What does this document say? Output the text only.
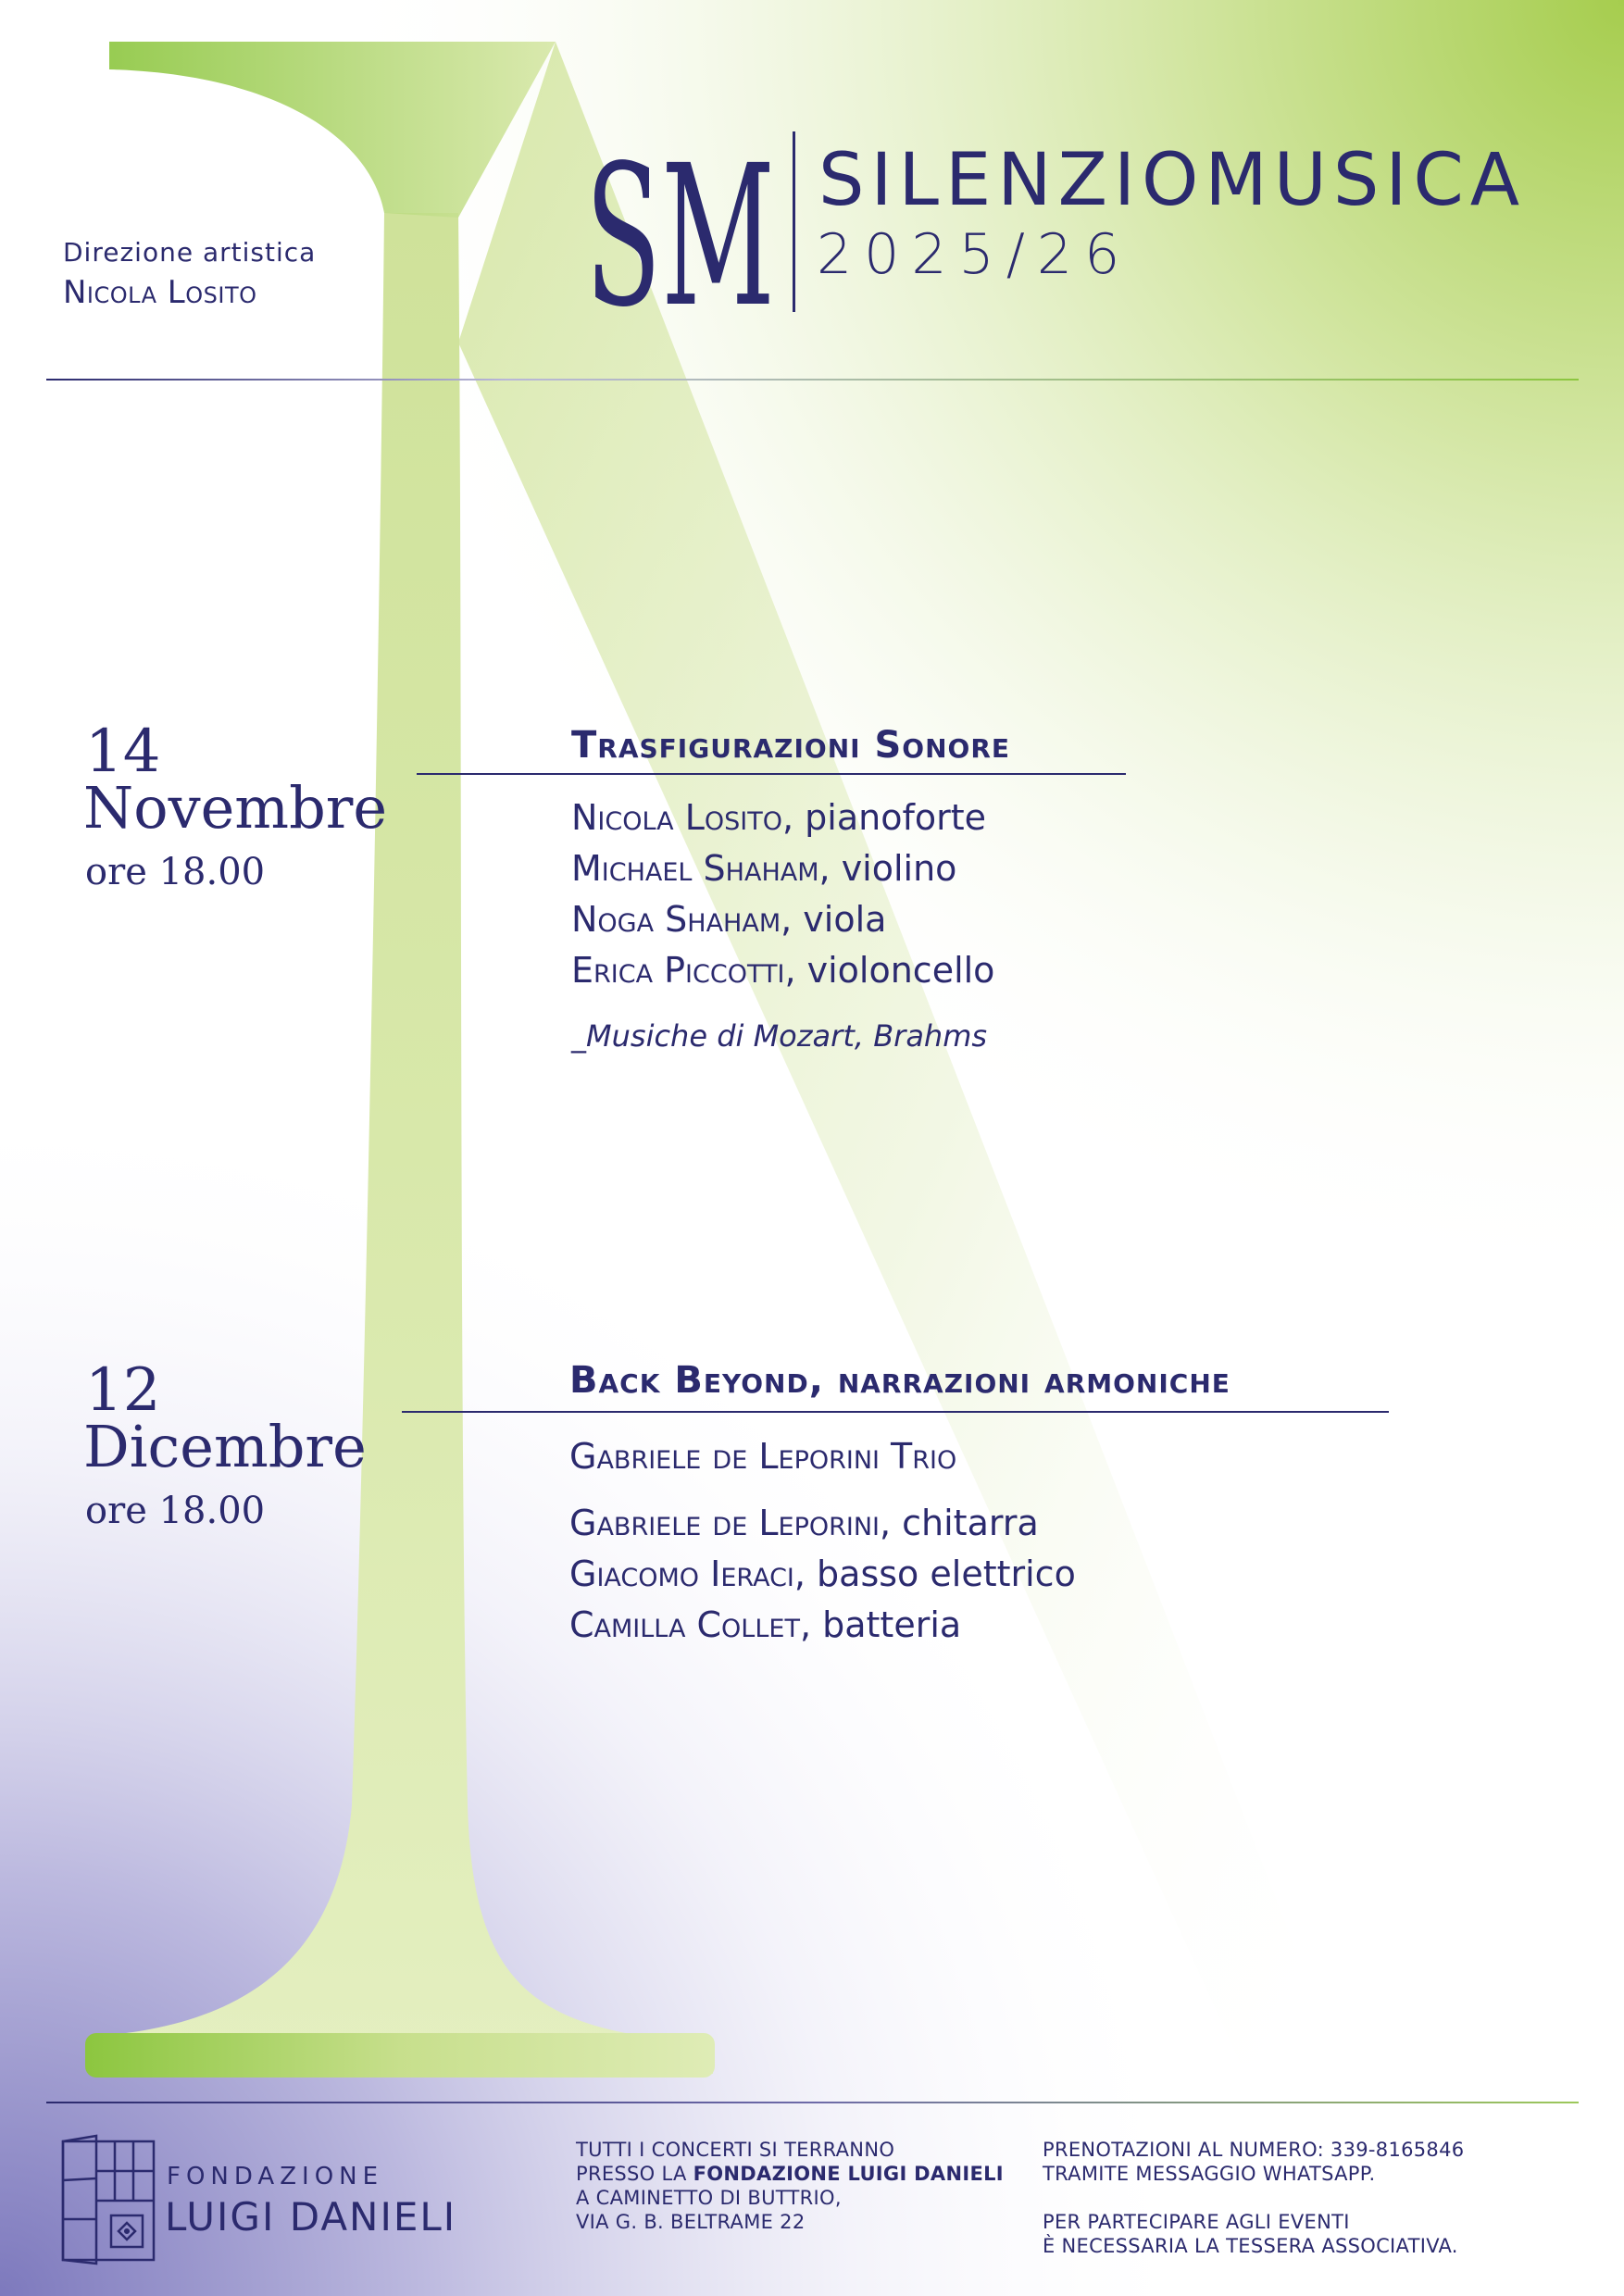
Direzione artistica
Nicola Losito SM SILENZIOMUSICA
2025/26
14
Novembre
ore 18.00
Trasfigurazioni Sonore
Nicola Losito, pianoforte
Michael Shaham, violino
Noga Shaham, viola
Erica Piccotti, violoncello
_Musiche di Mozart, Brahms
12
Dicembre
ore 18.00
Back Beyond, narrazioni armoniche
Gabriele de Leporini Trio
Gabriele de Leporini, chitarra
Giacomo Ieraci, basso elettrico
Camilla Collet, batteria
FONDAZIONE
LUIGI DANIELI
TUTTI I CONCERTI SI TERRANNO
PRESSO LA FONDAZIONE LUIGI DANIELI
A CAMINETTO DI BUTTRIO,
VIA G. B. BELTRAME 22
PRENOTAZIONI AL NUMERO: 339-8165846
TRAMITE MESSAGGIO WHATSAPP.
PER PARTECIPARE AGLI EVENTI
È NECESSARIA LA TESSERA ASSOCIATIVA.
